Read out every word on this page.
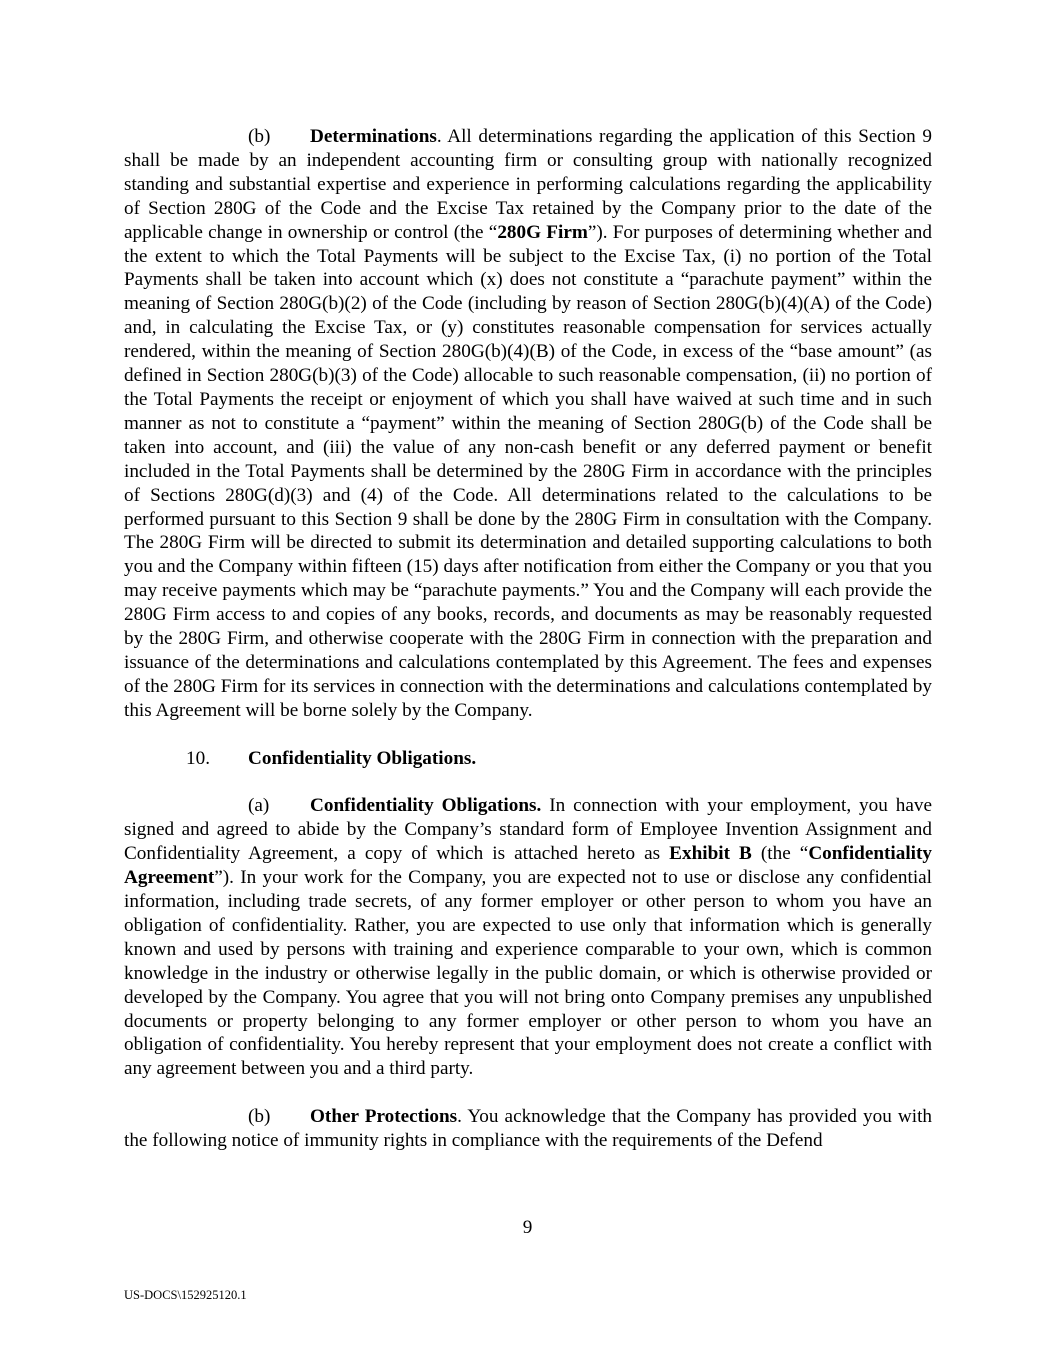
(b) Determinations. All determinations regarding the application of this Section 9 shall be made by an independent accounting firm or consulting group with nationally recognized standing and substantial expertise and experience in performing calculations regarding the applicability of Section 280G of the Code and the Excise Tax retained by the Company prior to the date of the applicable change in ownership or control (the “280G Firm”). For purposes of determining whether and the extent to which the Total Payments will be subject to the Excise Tax, (i) no portion of the Total Payments shall be taken into account which (x) does not constitute a “parachute payment” within the meaning of Section 280G(b)(2) of the Code (including by reason of Section 280G(b)(4)(A) of the Code) and, in calculating the Excise Tax, or (y) constitutes reasonable compensation for services actually rendered, within the meaning of Section 280G(b)(4)(B) of the Code, in excess of the “base amount” (as defined in Section 280G(b)(3) of the Code) allocable to such reasonable compensation, (ii) no portion of the Total Payments the receipt or enjoyment of which you shall have waived at such time and in such manner as not to constitute a “payment” within the meaning of Section 280G(b) of the Code shall be taken into account, and (iii) the value of any non-cash benefit or any deferred payment or benefit included in the Total Payments shall be determined by the 280G Firm in accordance with the principles of Sections 280G(d)(3) and (4) of the Code. All determinations related to the calculations to be performed pursuant to this Section 9 shall be done by the 280G Firm in consultation with the Company. The 280G Firm will be directed to submit its determination and detailed supporting calculations to both you and the Company within fifteen (15) days after notification from either the Company or you that you may receive payments which may be “parachute payments.” You and the Company will each provide the 280G Firm access to and copies of any books, records, and documents as may be reasonably requested by the 280G Firm, and otherwise cooperate with the 280G Firm in connection with the preparation and issuance of the determinations and calculations contemplated by this Agreement. The fees and expenses of the 280G Firm for its services in connection with the determinations and calculations contemplated by this Agreement will be borne solely by the Company.

10. Confidentiality Obligations.

(a) Confidentiality Obligations. In connection with your employment, you have signed and agreed to abide by the Company’s standard form of Employee Invention Assignment and Confidentiality Agreement, a copy of which is attached hereto as Exhibit B (the “Confidentiality Agreement”). In your work for the Company, you are expected not to use or disclose any confidential information, including trade secrets, of any former employer or other person to whom you have an obligation of confidentiality. Rather, you are expected to use only that information which is generally known and used by persons with training and experience comparable to your own, which is common knowledge in the industry or otherwise legally in the public domain, or which is otherwise provided or developed by the Company. You agree that you will not bring onto Company premises any unpublished documents or property belonging to any former employer or other person to whom you have an obligation of confidentiality. You hereby represent that your employment does not create a conflict with any agreement between you and a third party.

(b) Other Protections. You acknowledge that the Company has provided you with the following notice of immunity rights in compliance with the requirements of the Defend

9
US-DOCS\152925120.1
